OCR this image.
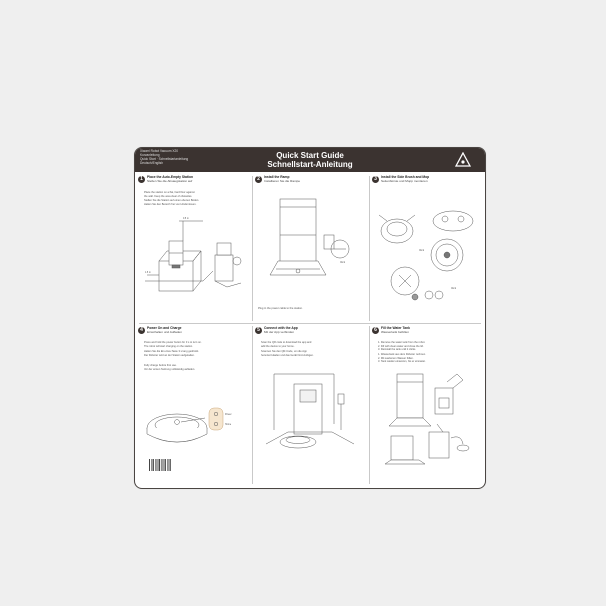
Xiaomi Robot Vacuum X20
Kurzanleitung
Quick Start · Schnellstartanleitung
Deutsch/English
Quick Start Guide
Schnellstart-Anleitung
1	Place the Auto-Empty Station
Stellen Sie die Absaugstation auf
Place the station on a flat, hard floor against
the wall. Keep the area clear of obstacles.
Stellen Sie die Station auf einen ebenen Boden.
Halten Sie den Bereich frei von Hindernissen.
0.5 m
1.5 m
2	Install the Ramp
Installieren Sie die Rampe
Click
Plug in the power cable to the station.
3	Install the Side Brush and Mop
Seitenbürste und Mopp montieren
Click
Click
4	Power On and Charge
Einschalten und Aufladen
Press and hold the power button for 3 s to turn on.
The robot will start charging on the station.
Halten Sie die Ein-/Aus-Taste 3 s lang gedrückt.
Der Roboter wird an der Station aufgeladen.
Fully charge before first use.
Vor der ersten Nutzung vollständig aufladen.
Power
Home
5	Connect with the App
Mit der App verbinden
Scan the QR code to download the app and
add the device to your home.
Scannen Sie den QR-Code, um die App
herunterzuladen und das Gerät hinzuzufügen.
6	Fill the Water Tank
Wassertank befüllen
1. Remove the water tank from the robot.
2. Fill with clean water and close the lid.
3. Reinstall the tank until it clicks.
1. Wassertank aus dem Roboter nehmen.
2. Mit sauberem Wasser füllen.
3. Tank wieder einsetzen, bis er einrastet.
